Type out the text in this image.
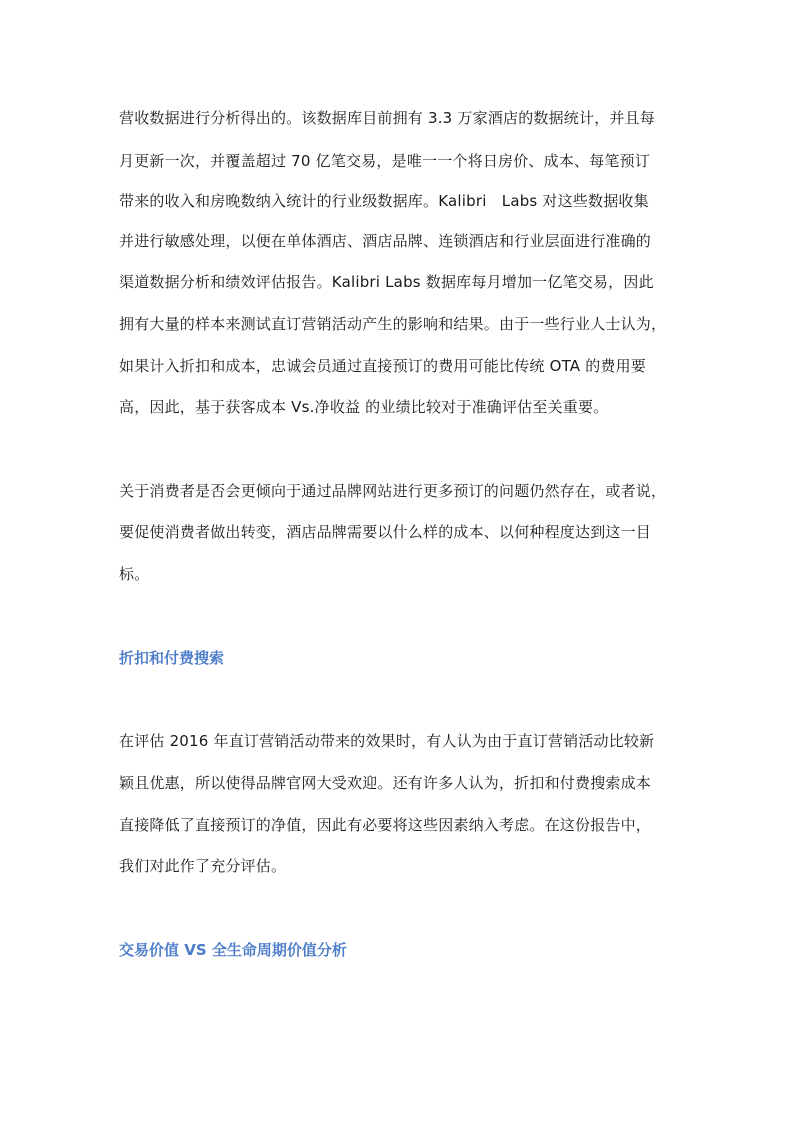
营收数据进行分析得出的。该数据库目前拥有 3.3 万家酒店的数据统计，并且每
月更新一次，并覆盖超过 70 亿笔交易，是唯一一个将日房价、成本、每笔预订
带来的收入和房晚数纳入统计的行业级数据库。Kalibri　Labs 对这些数据收集
并进行敏感处理，以便在单体酒店、酒店品牌、连锁酒店和行业层面进行准确的
渠道数据分析和绩效评估报告。Kalibri Labs 数据库每月增加一亿笔交易，因此
拥有大量的样本来测试直订营销活动产生的影响和结果。由于一些行业人士认为，
如果计入折扣和成本，忠诚会员通过直接预订的费用可能比传统 OTA 的费用要
高，因此，基于获客成本 Vs.净收益 的业绩比较对于准确评估至关重要。
关于消费者是否会更倾向于通过品牌网站进行更多预订的问题仍然存在，或者说，
要促使消费者做出转变，酒店品牌需要以什么样的成本、以何种程度达到这一目
标。
折扣和付费搜索
在评估 2016 年直订营销活动带来的效果时，有人认为由于直订营销活动比较新
颖且优惠，所以使得品牌官网大受欢迎。还有许多人认为，折扣和付费搜索成本
直接降低了直接预订的净值，因此有必要将这些因素纳入考虑。在这份报告中，
我们对此作了充分评估。
交易价值 VS 全生命周期价值分析
